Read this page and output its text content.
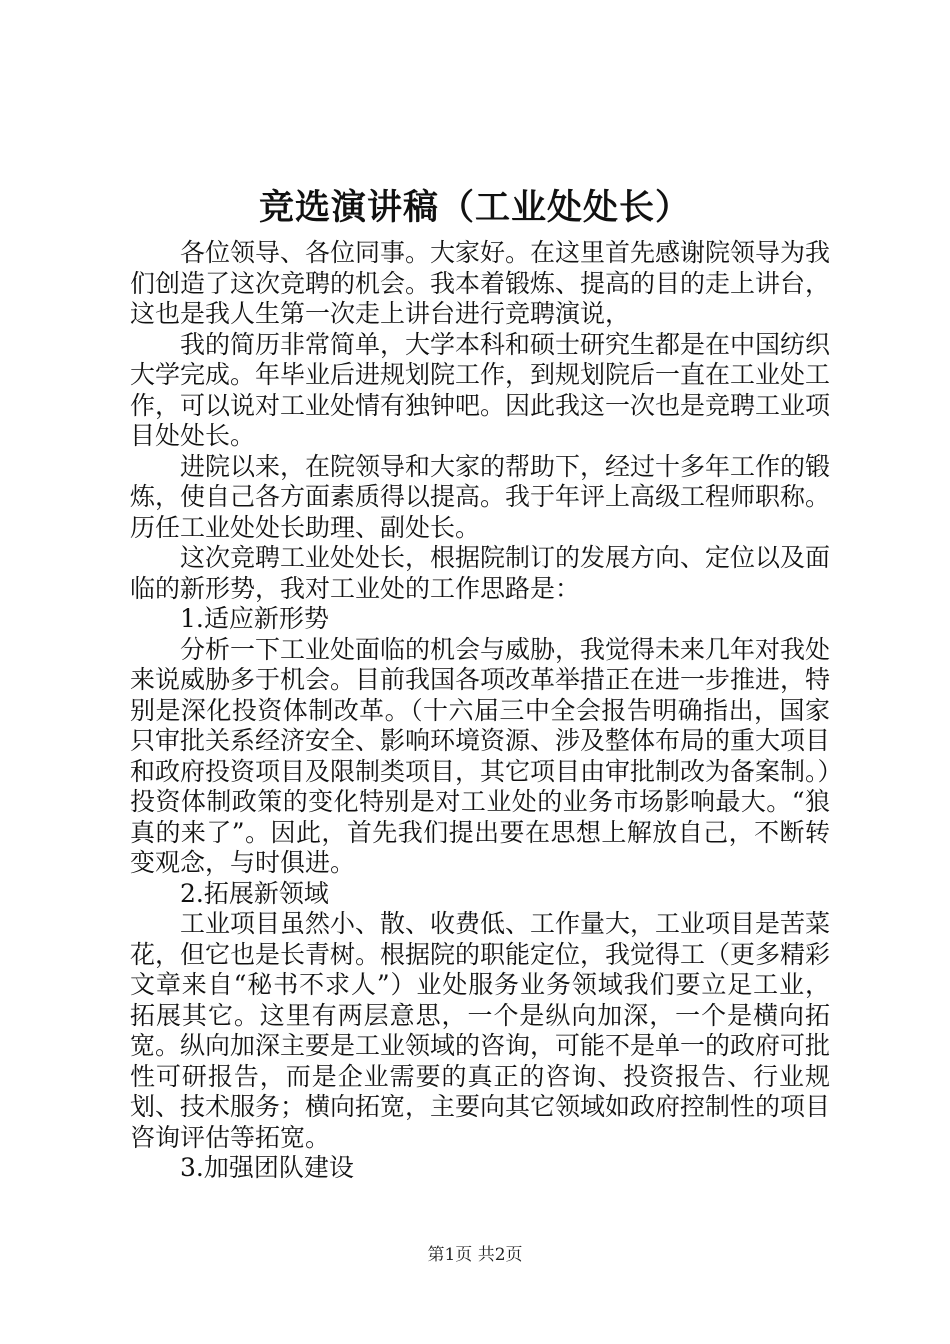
竞选演讲稿（工业处处长）

各位领导、各位同事。大家好。在这里首先感谢院领导为我们创造了这次竞聘的机会。我本着锻炼、提高的目的走上讲台，这也是我人生第一次走上讲台进行竞聘演说，

我的简历非常简单，大学本科和硕士研究生都是在中国纺织大学完成。年毕业后进规划院工作，到规划院后一直在工业处工作，可以说对工业处情有独钟吧。因此我这一次也是竞聘工业项目处处长。

进院以来，在院领导和大家的帮助下，经过十多年工作的锻炼，使自己各方面素质得以提高。我于年评上高级工程师职称。历任工业处处长助理、副处长。

这次竞聘工业处处长，根据院制订的发展方向、定位以及面临的新形势，我对工业处的工作思路是：

1.适应新形势

分析一下工业处面临的机会与威胁，我觉得未来几年对我处来说威胁多于机会。目前我国各项改革举措正在进一步推进，特别是深化投资体制改革。（十六届三中全会报告明确指出，国家只审批关系经济安全、影响环境资源、涉及整体布局的重大项目和政府投资项目及限制类项目，其它项目由审批制改为备案制。）投资体制政策的变化特别是对工业处的业务市场影响最大。“狼真的来了”。因此，首先我们提出要在思想上解放自己，不断转变观念，与时俱进。

2.拓展新领域

工业项目虽然小、散、收费低、工作量大，工业项目是苦菜花，但它也是长青树。根据院的职能定位，我觉得工（更多精彩文章来自“秘书不求人”）业处服务业务领域我们要立足工业，拓展其它。这里有两层意思，一个是纵向加深，一个是横向拓宽。纵向加深主要是工业领域的咨询，可能不是单一的政府可批性可研报告，而是企业需要的真正的咨询、投资报告、行业规划、技术服务；横向拓宽，主要向其它领域如政府控制性的项目咨询评估等拓宽。

3.加强团队建设

第1页 共2页
